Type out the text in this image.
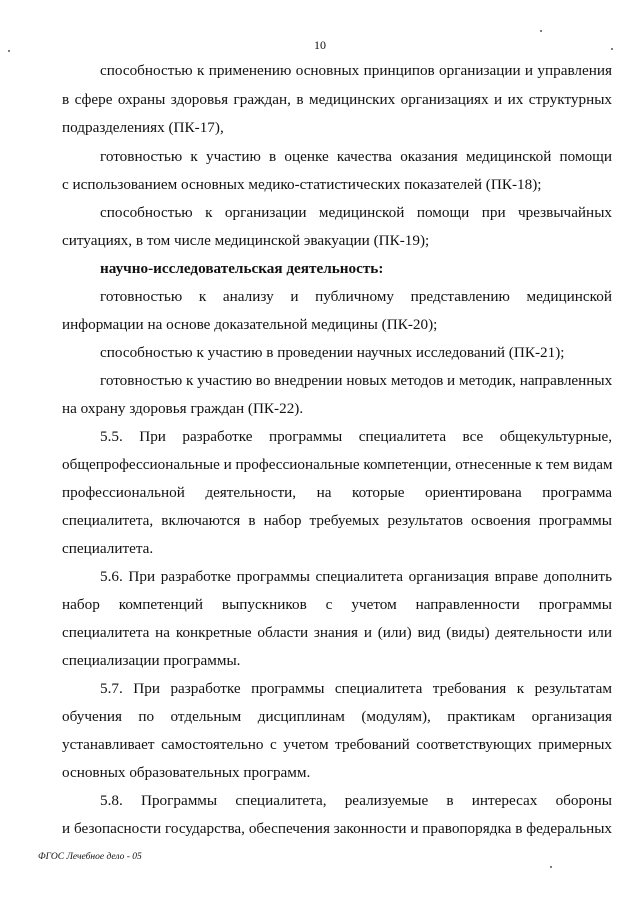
10
способностью к применению основных принципов организации и управления
в сфере охраны здоровья граждан, в медицинских организациях и их структурных
подразделениях (ПК-17),
готовностью к участию в оценке качества оказания медицинской помощи
с использованием основных медико-статистических показателей (ПК-18);
способностью к организации медицинской помощи при чрезвычайных
ситуациях, в том числе медицинской эвакуации (ПК-19);
научно-исследовательская деятельность:
готовностью к анализу и публичному представлению медицинской
информации на основе доказательной медицины (ПК-20);
способностью к участию в проведении научных исследований (ПК-21);
готовностью к участию во внедрении новых методов и методик, направленных
на охрану здоровья граждан (ПК-22).
5.5. При разработке программы специалитета все общекультурные,
общепрофессиональные и профессиональные компетенции, отнесенные к тем видам
профессиональной деятельности, на которые ориентирована программа
специалитета, включаются в набор требуемых результатов освоения программы
специалитета.
5.6. При разработке программы специалитета организация вправе дополнить
набор компетенций выпускников с учетом направленности программы
специалитета на конкретные области знания и (или) вид (виды) деятельности или
специализации программы.
5.7. При разработке программы специалитета требования к результатам
обучения по отдельным дисциплинам (модулям), практикам организация
устанавливает самостоятельно с учетом требований соответствующих примерных
основных образовательных программ.
5.8. Программы специалитета, реализуемые в интересах обороны
и безопасности государства, обеспечения законности и правопорядка в федеральных
ФГОС Лечебное дело - 05
